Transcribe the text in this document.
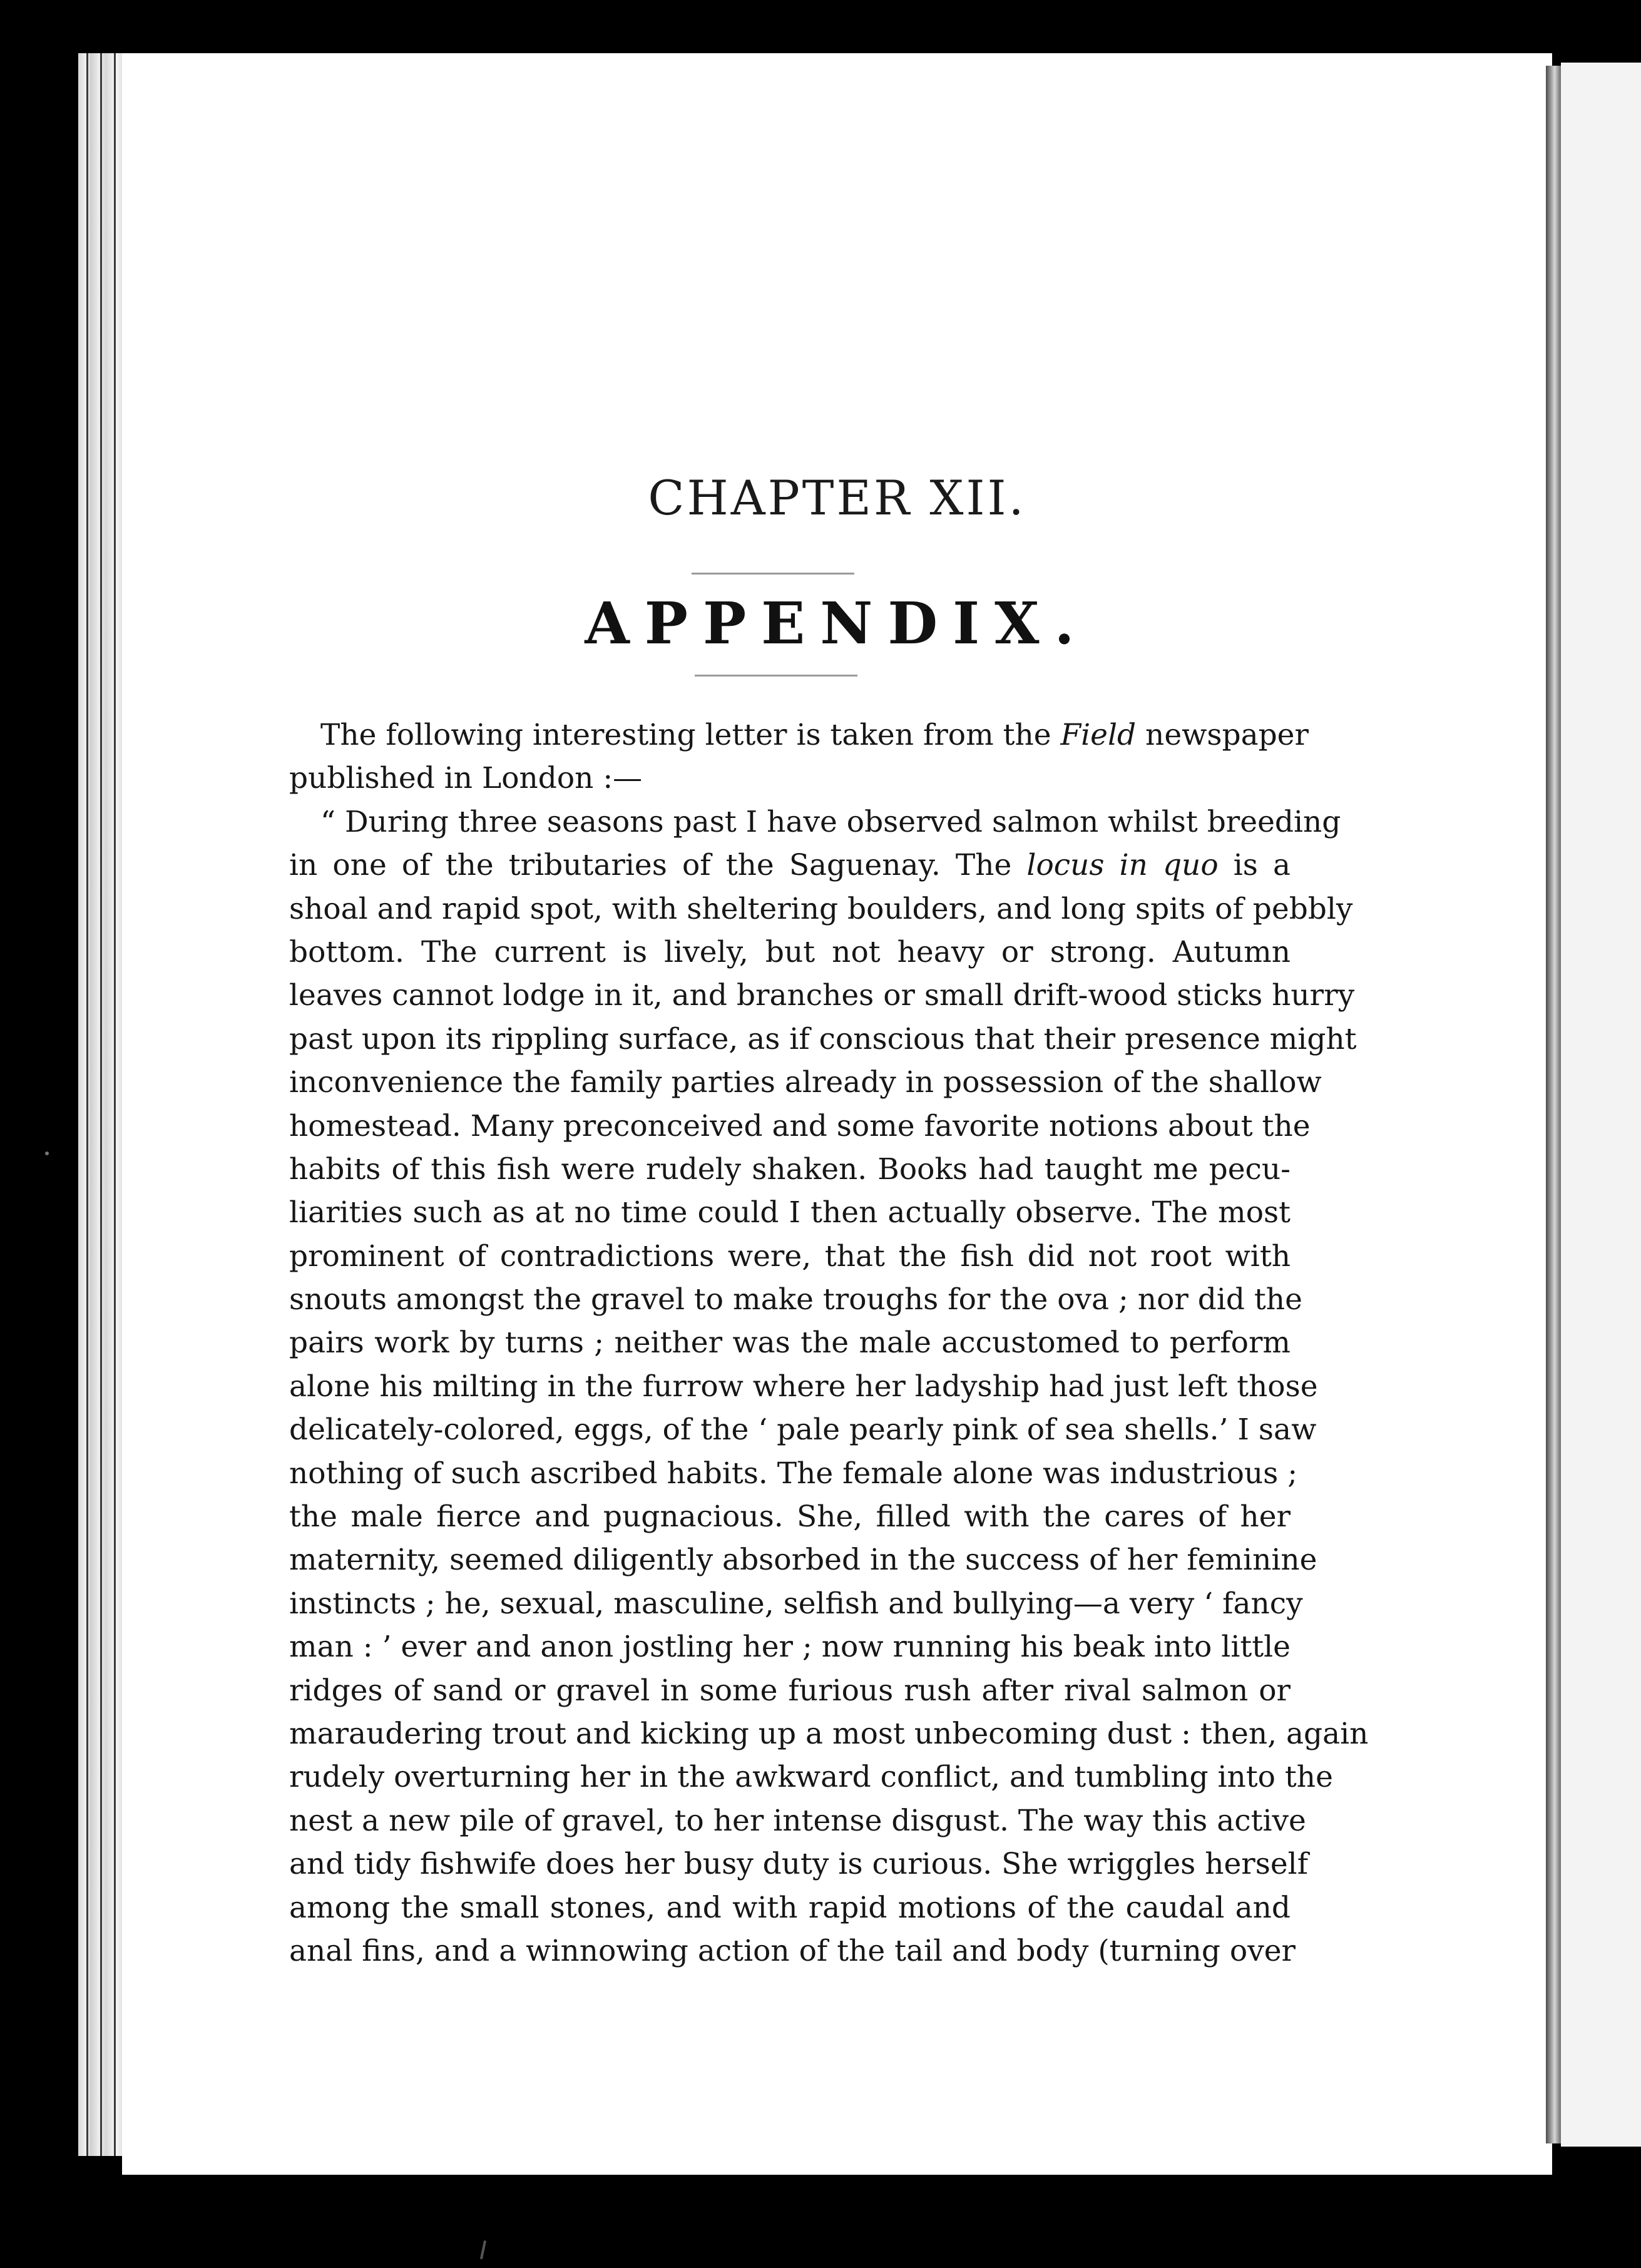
CHAPTER XII.
APPENDIX.
The following interesting letter is taken from the Field newspaper
published in London :—
“ During three seasons past I have observed salmon whilst breeding
in one of the tributaries of the Saguenay. The locus in quo is a
shoal and rapid spot, with sheltering boulders, and long spits of pebbly
bottom. The current is lively, but not heavy or strong. Autumn
leaves cannot lodge in it, and branches or small drift-wood sticks hurry
past upon its rippling surface, as if conscious that their presence might
inconvenience the family parties already in possession of the shallow
homestead. Many preconceived and some favorite notions about the
habits of this fish were rudely shaken. Books had taught me pecu-
liarities such as at no time could I then actually observe. The most
prominent of contradictions were, that the fish did not root with
snouts amongst the gravel to make troughs for the ova ; nor did the
pairs work by turns ; neither was the male accustomed to perform
alone his milting in the furrow where her ladyship had just left those
delicately-colored, eggs, of the ‘ pale pearly pink of sea shells.’ I saw
nothing of such ascribed habits. The female alone was industrious ;
the male fierce and pugnacious. She, filled with the cares of her
maternity, seemed diligently absorbed in the success of her feminine
instincts ; he, sexual, masculine, selfish and bullying—a very ‘ fancy
man : ’ ever and anon jostling her ; now running his beak into little
ridges of sand or gravel in some furious rush after rival salmon or
maraudering trout and kicking up a most unbecoming dust : then, again
rudely overturning her in the awkward conflict, and tumbling into the
nest a new pile of gravel, to her intense disgust. The way this active
and tidy fishwife does her busy duty is curious. She wriggles herself
among the small stones, and with rapid motions of the caudal and
anal fins, and a winnowing action of the tail and body (turning over
